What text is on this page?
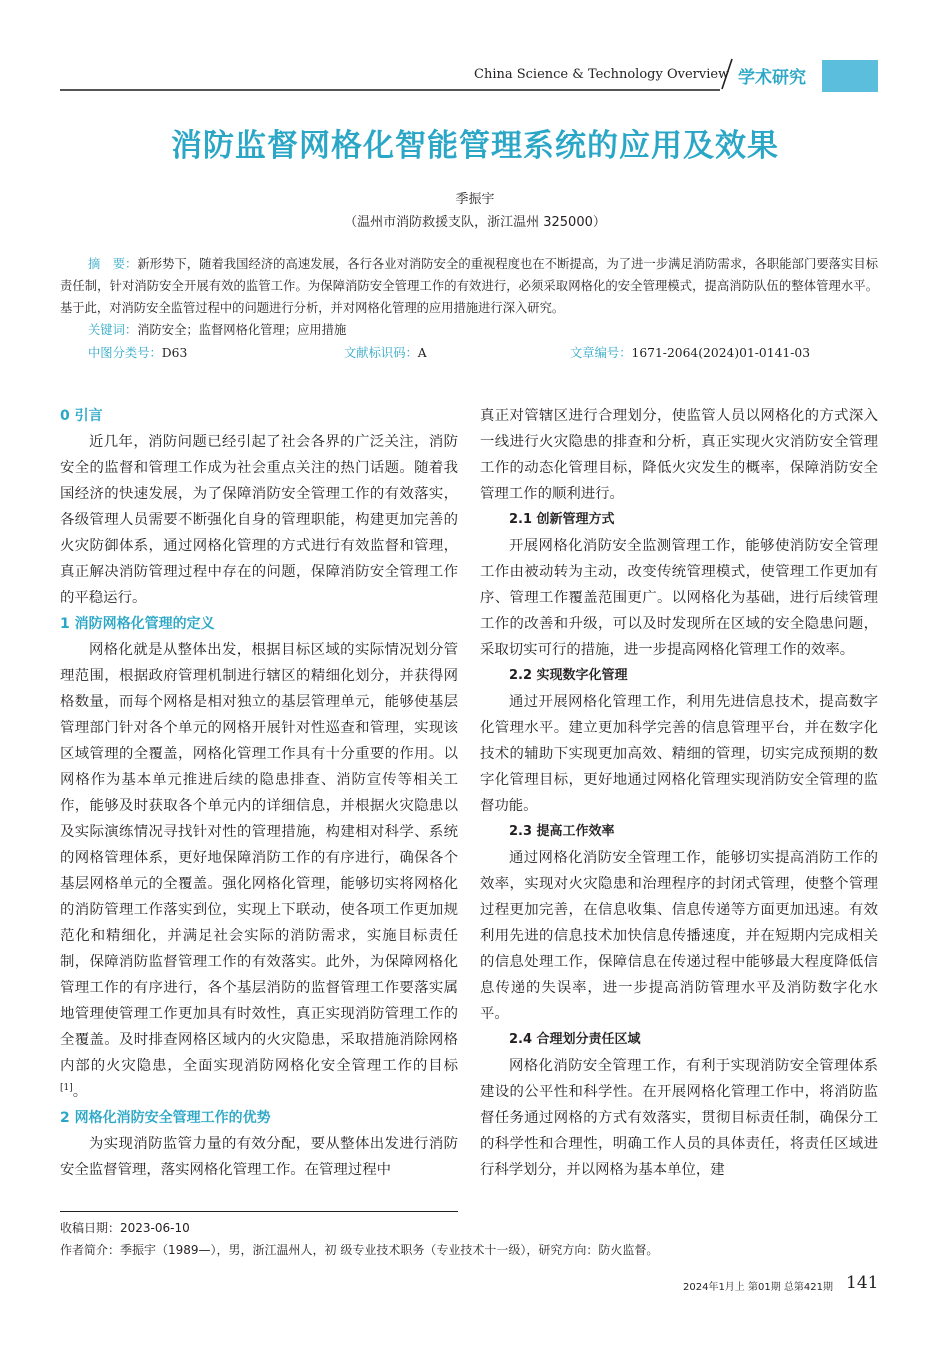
China Science & Technology Overview 学术研究
消防监督网格化智能管理系统的应用及效果
季振宇
（温州市消防救援支队，浙江温州 325000）
摘　要：新形势下，随着我国经济的高速发展，各行各业对消防安全的重视程度也在不断提高，为了进一步满足消防需求，各职能部门要落实目标责任制，针对消防安全开展有效的监管工作。为保障消防安全管理工作的有效进行，必须采取网格化的安全管理模式，提高消防队伍的整体管理水平。基于此，对消防安全监管过程中的问题进行分析，并对网格化管理的应用措施进行深入研究。
关键词：消防安全；监督网格化管理；应用措施
中图分类号：D63	文献标识码：A	文章编号：1671-2064(2024)01-0141-03
0 引言

近几年，消防问题已经引起了社会各界的广泛关注，消防安全的监督和管理工作成为社会重点关注的热门话题。随着我国经济的快速发展，为了保障消防安全管理工作的有效落实，各级管理人员需要不断强化自身的管理职能，构建更加完善的火灾防御体系，通过网格化管理的方式进行有效监督和管理，真正解决消防管理过程中存在的问题，保障消防安全管理工作的平稳运行。

1 消防网格化管理的定义

网格化就是从整体出发，根据目标区域的实际情况划分管理范围，根据政府管理机制进行辖区的精细化划分，并获得网格数量，而每个网格是相对独立的基层管理单元，能够使基层管理部门针对各个单元的网格开展针对性巡查和管理，实现该区域管理的全覆盖，网格化管理工作具有十分重要的作用。以网格作为基本单元推进后续的隐患排查、消防宣传等相关工作，能够及时获取各个单元内的详细信息，并根据火灾隐患以及实际演练情况寻找针对性的管理措施，构建相对科学、系统的网格管理体系，更好地保障消防工作的有序进行，确保各个基层网格单元的全覆盖。强化网格化管理，能够切实将网格化的消防管理工作落实到位，实现上下联动，使各项工作更加规范化和精细化，并满足社会实际的消防需求，实施目标责任制，保障消防监督管理工作的有效落实。此外，为保障网格化管理工作的有序进行，各个基层消防的监督管理工作要落实属地管理使管理工作更加具有时效性，真正实现消防管理工作的全覆盖。及时排查网格区域内的火灾隐患，采取措施消除网格内部的火灾隐患，全面实现消防网格化安全管理工作的目标 [1]。

2 网格化消防安全管理工作的优势

为实现消防监管力量的有效分配，要从整体出发进行消防安全监督管理，落实网格化管理工作。在管理过程中

真正对管辖区进行合理划分，使监管人员以网格化的方式深入一线进行火灾隐患的排查和分析，真正实现火灾消防安全管理工作的动态化管理目标，降低火灾发生的概率，保障消防安全管理工作的顺利进行。

2.1 创新管理方式

开展网格化消防安全监测管理工作，能够使消防安全管理工作由被动转为主动，改变传统管理模式，使管理工作更加有序、管理工作覆盖范围更广。以网格化为基础，进行后续管理工作的改善和升级，可以及时发现所在区域的安全隐患问题，采取切实可行的措施，进一步提高网格化管理工作的效率。

2.2 实现数字化管理

通过开展网格化管理工作，利用先进信息技术，提高数字化管理水平。建立更加科学完善的信息管理平台，并在数字化技术的辅助下实现更加高效、精细的管理，切实完成预期的数字化管理目标，更好地通过网格化管理实现消防安全管理的监督功能。

2.3 提高工作效率

通过网格化消防安全管理工作，能够切实提高消防工作的效率，实现对火灾隐患和治理程序的封闭式管理，使整个管理过程更加完善，在信息收集、信息传递等方面更加迅速。有效利用先进的信息技术加快信息传播速度，并在短期内完成相关的信息处理工作，保障信息在传递过程中能够最大程度降低信息传递的失误率，进一步提高消防管理水平及消防数字化水平。

2.4 合理划分责任区域

网格化消防安全管理工作，有利于实现消防安全管理体系建设的公平性和科学性。在开展网格化管理工作中，将消防监督任务通过网格的方式有效落实，贯彻目标责任制，确保分工的科学性和合理性，明确工作人员的具体责任，将责任区域进行科学划分，并以网格为基本单位，建

收稿日期：2023-06-10
作者简介：季振宇（1989—），男，浙江温州人，初 级专业技术职务（专业技术十一级），研究方向：防火监督。
2024年1月上 第01期 总第421期 141
